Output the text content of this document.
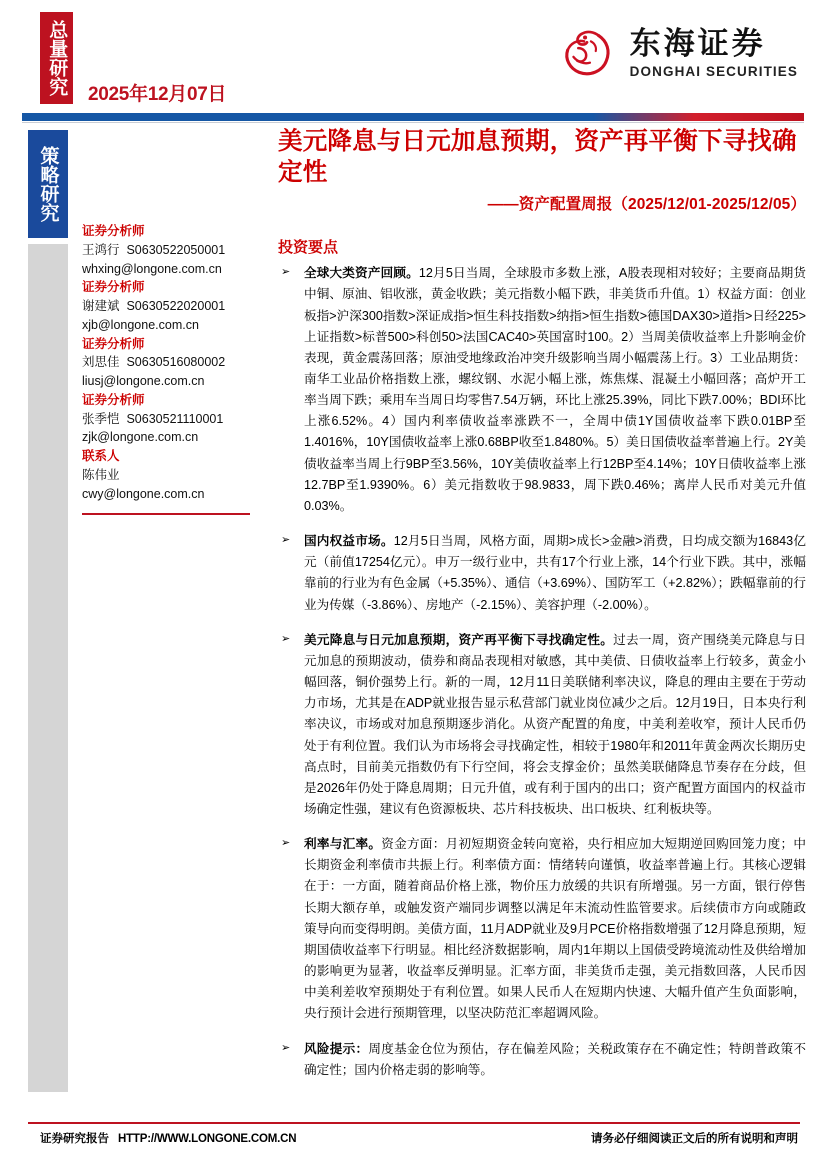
总量研究	2025年12月07日
东海证券
DONGHAI SECURITIES
策略研究
证券分析师
王鸿行 S0630522050001
whxing@longone.com.cn
证券分析师
谢建斌 S0630522020001
xjb@longone.com.cn
证券分析师
刘思佳 S0630516080002
liusj@longone.com.cn
证券分析师
张季恺 S0630521110001
zjk@longone.com.cn
联系人
陈伟业
cwy@longone.com.cn
美元降息与日元加息预期，资产再平衡下寻找确定性
——资产配置周报（2025/12/01-2025/12/05）
投资要点
➢ 全球大类资产回顾。12月5日当周，全球股市多数上涨，A股表现相对较好；主要商品期货中铜、原油、铝收涨，黄金收跌；美元指数小幅下跌，非美货币升值。1）权益方面：创业板指>沪深300指数>深证成指>恒生科技指数>纳指>恒生指数>德国DAX30>道指>日经225>上证指数>标普500>科创50>法国CAC40>英国富时100。2）当周美债收益率上升影响金价表现，黄金震荡回落；原油受地缘政治冲突升级影响当周小幅震荡上行。3）工业品期货：南华工业品价格指数上涨，螺纹钢、水泥小幅上涨，炼焦煤、混凝土小幅回落；高炉开工率当周下跌；乘用车当周日均零售7.54万辆，环比上涨25.39%，同比下跌7.00%；BDI环比上涨6.52%。4）国内利率债收益率涨跌不一，全周中债1Y国债收益率下跌0.01BP至1.4016%，10Y国债收益率上涨0.68BP收至1.8480%。5）美日国债收益率普遍上行。2Y美债收益率当周上行9BP至3.56%，10Y美债收益率上行12BP至4.14%；10Y日债收益率上涨12.7BP至1.9390%。6）美元指数收于98.9833，周下跌0.46%；离岸人民币对美元升值0.03%。
➢ 国内权益市场。12月5日当周，风格方面，周期>成长>金融>消费，日均成交额为16843亿元（前值17254亿元）。申万一级行业中，共有17个行业上涨，14个行业下跌。其中，涨幅靠前的行业为有色金属（+5.35%）、通信（+3.69%）、国防军工（+2.82%）；跌幅靠前的行业为传媒（-3.86%）、房地产（-2.15%）、美容护理（-2.00%）。
➢ 美元降息与日元加息预期，资产再平衡下寻找确定性。过去一周，资产围绕美元降息与日元加息的预期波动，债券和商品表现相对敏感，其中美债、日债收益率上行较多，黄金小幅回落，铜价强势上行。新的一周，12月11日美联储利率决议，降息的理由主要在于劳动力市场，尤其是在ADP就业报告显示私营部门就业岗位减少之后。12月19日，日本央行利率决议，市场或对加息预期逐步消化。从资产配置的角度，中美利差收窄，预计人民币仍处于有利位置。我们认为市场将会寻找确定性，相较于1980年和2011年黄金两次长期历史高点时，目前美元指数仍有下行空间，将会支撑金价；虽然美联储降息节奏存在分歧，但是2026年仍处于降息周期；日元升值，或有利于国内的出口；资产配置方面国内的权益市场确定性强，建议有色资源板块、芯片科技板块、出口板块、红利板块等。
➢ 利率与汇率。资金方面：月初短期资金转向宽裕，央行相应加大短期逆回购回笼力度；中长期资金利率债市共振上行。利率债方面：情绪转向谨慎，收益率普遍上行。其核心逻辑在于：一方面，随着商品价格上涨，物价压力放缓的共识有所增强。另一方面，银行停售长期大额存单，或触发资产端同步调整以满足年末流动性监管要求。后续债市方向或随政策导向而变得明朗。美债方面，11月ADP就业及9月PCE价格指数增强了12月降息预期，短期国债收益率下行明显。相比经济数据影响，周内1年期以上国债受跨境流动性及供给增加的影响更为显著，收益率反弹明显。汇率方面，非美货币走强，美元指数回落，人民币因中美利差收窄预期处于有利位置。如果人民币人在短期内快速、大幅升值产生负面影响，央行预计会进行预期管理，以坚决防范汇率超调风险。
➢ 风险提示：周度基金仓位为预估，存在偏差风险；关税政策存在不确定性；特朗普政策不确定性；国内价格走弱的影响等。
证券研究报告 HTTP://WWW.LONGONE.COM.CN	请务必仔细阅读正文后的所有说明和声明
